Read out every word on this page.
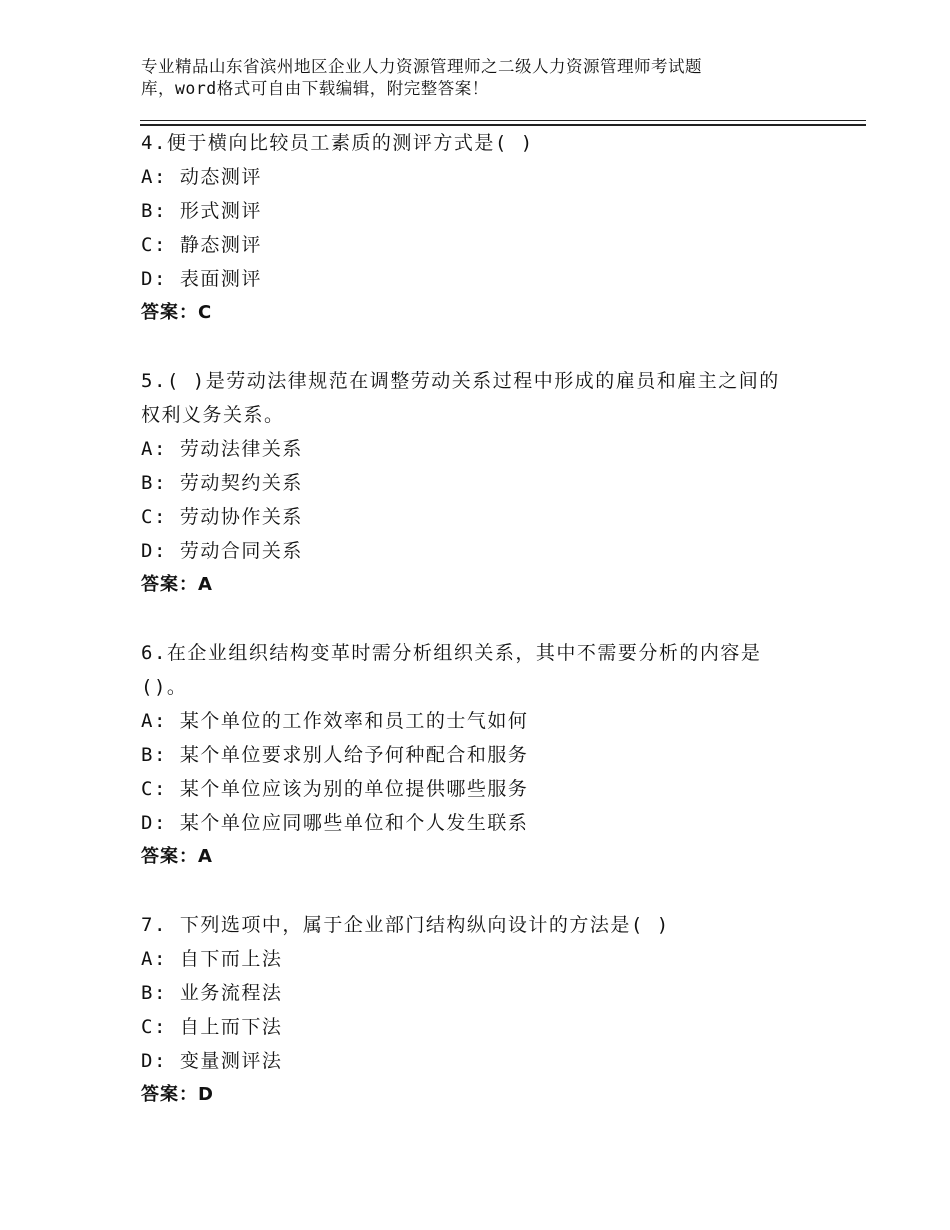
专业精品山东省滨州地区企业人力资源管理师之二级人力资源管理师考试题
库，word格式可自由下载编辑，附完整答案！
4.便于横向比较员工素质的测评方式是( )
A: 动态测评
B: 形式测评
C: 静态测评
D: 表面测评
答案：C
5.( )是劳动法律规范在调整劳动关系过程中形成的雇员和雇主之间的
权利义务关系。
A: 劳动法律关系
B: 劳动契约关系
C: 劳动协作关系
D: 劳动合同关系
答案：A
6.在企业组织结构变革时需分析组织关系，其中不需要分析的内容是
()。
A: 某个单位的工作效率和员工的士气如何
B: 某个单位要求别人给予何种配合和服务
C: 某个单位应该为别的单位提供哪些服务
D: 某个单位应同哪些单位和个人发生联系
答案：A
7. 下列选项中，属于企业部门结构纵向设计的方法是( )
A: 自下而上法
B: 业务流程法
C: 自上而下法
D: 变量测评法
答案：D
